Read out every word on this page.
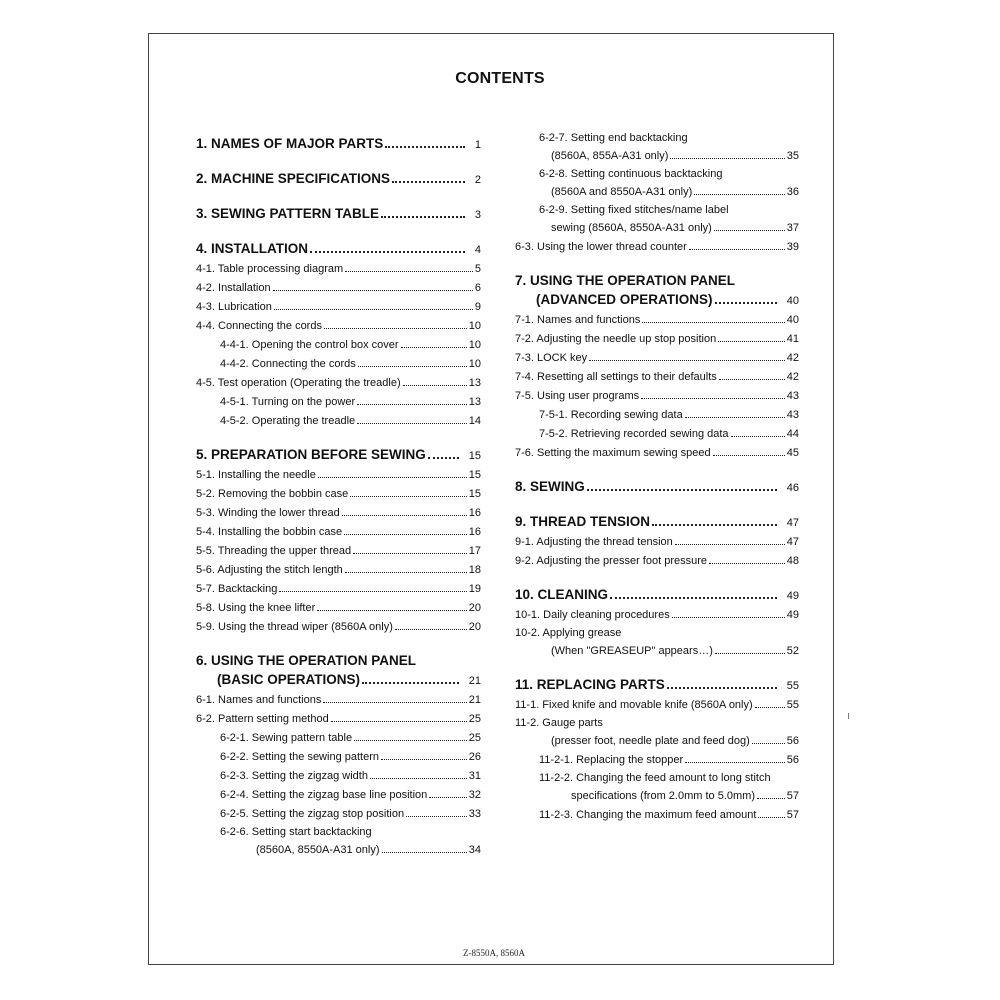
CONTENTS
1. NAMES OF MAJOR PARTS	1
2. MACHINE SPECIFICATIONS	2
3. SEWING PATTERN TABLE	3
4. INSTALLATION	4
4-1. Table processing diagram	5
4-2. Installation	6
4-3. Lubrication	9
4-4. Connecting the cords	10
4-4-1. Opening the control box cover	10
4-4-2. Connecting the cords	10
4-5. Test operation (Operating the treadle)	13
4-5-1. Turning on the power	13
4-5-2. Operating the treadle	14
5. PREPARATION BEFORE SEWING	15
5-1. Installing the needle	15
5-2. Removing the bobbin case	15
5-3. Winding the lower thread	16
5-4. Installing the bobbin case	16
5-5. Threading the upper thread	17
5-6. Adjusting the stitch length	18
5-7. Backtacking	19
5-8. Using the knee lifter	20
5-9. Using the thread wiper (8560A only)	20
6. USING THE OPERATION PANEL
(BASIC OPERATIONS)	21
6-1. Names and functions	21
6-2. Pattern setting method	25
6-2-1. Sewing pattern table	25
6-2-2. Setting the sewing pattern	26
6-2-3. Setting the zigzag width	31
6-2-4. Setting the zigzag base line position	32
6-2-5. Setting the zigzag stop position	33
6-2-6. Setting start backtacking
(8560A, 8550A-A31 only)	34
6-2-7. Setting end backtacking
(8560A, 855A-A31 only)	35
6-2-8. Setting continuous backtacking
(8560A and 8550A-A31 only)	36
6-2-9. Setting fixed stitches/name label
sewing (8560A, 8550A-A31 only)	37
6-3. Using the lower thread counter	39
7. USING THE OPERATION PANEL
(ADVANCED OPERATIONS)	40
7-1. Names and functions	40
7-2. Adjusting the needle up stop position	41
7-3. LOCK key	42
7-4. Resetting all settings to their defaults	42
7-5. Using user programs	43
7-5-1. Recording sewing data	43
7-5-2. Retrieving recorded sewing data	44
7-6. Setting the maximum sewing speed	45
8. SEWING	46
9. THREAD TENSION	47
9-1. Adjusting the thread tension	47
9-2. Adjusting the presser foot pressure	48
10. CLEANING	49
10-1. Daily cleaning procedures	49
10-2. Applying grease
(When "GREASEUP" appears…)	52
11. REPLACING PARTS	55
11-1. Fixed knife and movable knife (8560A only)	55
11-2. Gauge parts
(presser foot, needle plate and feed dog)	56
11-2-1. Replacing the stopper	56
11-2-2. Changing the feed amount to long stitch
specifications (from 2.0mm to 5.0mm)	57
11-2-3. Changing the maximum feed amount	57
Z-8550A, 8560A
